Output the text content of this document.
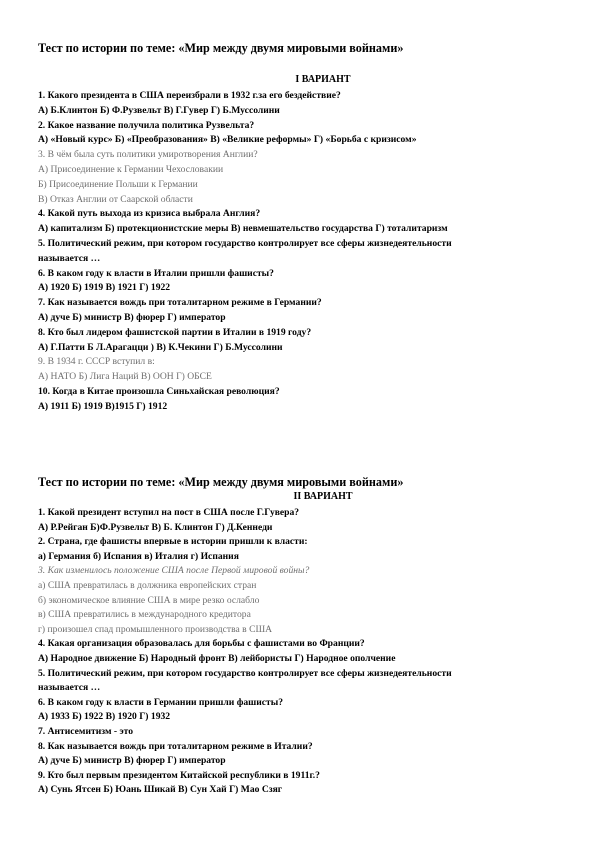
Тест по истории по теме: «Мир между двумя мировыми войнами»
I ВАРИАНТ
1. Какого президента в США переизбрали в 1932 г.за его бездействие?
А) Б.Клинтон Б) Ф.Рузвельт В) Г.Гувер Г) Б.Муссолини
2. Какое название получила политика Рузвельта?
А) «Новый курс» Б) «Преобразования» В) «Великие реформы» Г) «Борьба с кризисом»
3. В чём была суть политики умиротворения Англии?
А) Присоединение к Германии Чехословакии
Б) Присоединение Польши к Германии
В) Отказ Англии от Саарской области
4. Какой путь выхода из кризиса выбрала Англия?
А) капитализм Б) протекционистские меры В) невмешательство государства Г) тоталитаризм
5. Политический режим, при котором государство контролирует все сферы жизнедеятельности
называется …
6. В каком году к власти в Италии пришли фашисты?
А) 1920 Б) 1919 В) 1921 Г) 1922
7. Как называется вождь при тоталитарном режиме в Германии?
А) дуче Б) министр В) фюрер Г) император
8. Кто был лидером фашистской партии в Италии в 1919 году?
А) Г.Патти Б Л.Арагацци ) В) К.Чекини Г) Б.Муссолини
9. В 1934 г. СССР вступил в:
А) НАТО Б) Лига Наций В) ООН Г) ОБСЕ
10. Когда в Китае произошла Синьхайская революция?
А) 1911 Б) 1919 В)1915 Г) 1912
Тест по истории по теме: «Мир между двумя мировыми войнами»
II ВАРИАНТ
1. Какой президент вступил на пост в США после Г.Гувера?
А) Р.Рейган Б)Ф.Рузвельт В) Б. Клинтон Г) Д.Кеннеди
2. Страна, где фашисты впервые в истории пришли к власти:
а) Германия б) Испания в) Италия г) Испания
3. Как изменилось положение США после Первой мировой войны?
а) США превратилась в должника европейских стран
б) экономическое влияние США в мире резко ослабло
в) США превратились в международного кредитора
г) произошел спад промышленного производства в США
4. Какая организация образовалась для борьбы с фашистами во Франции?
А) Народное движение Б) Народный фронт В) лейбористы Г) Народное ополчение
5. Политический режим, при котором государство контролирует все сферы жизнедеятельности
называется …
6. В каком году к власти в Германии пришли фашисты?
А) 1933 Б) 1922 В) 1920 Г) 1932
7. Антисемитизм - это
8. Как называется вождь при тоталитарном режиме в Италии?
А) дуче Б) министр В) фюрер Г) император
9. Кто был первым президентом Китайской республики в 1911г.?
А) Сунь Ятсен Б) Юань Шикай В) Сун Хай Г) Мао Сзяг
